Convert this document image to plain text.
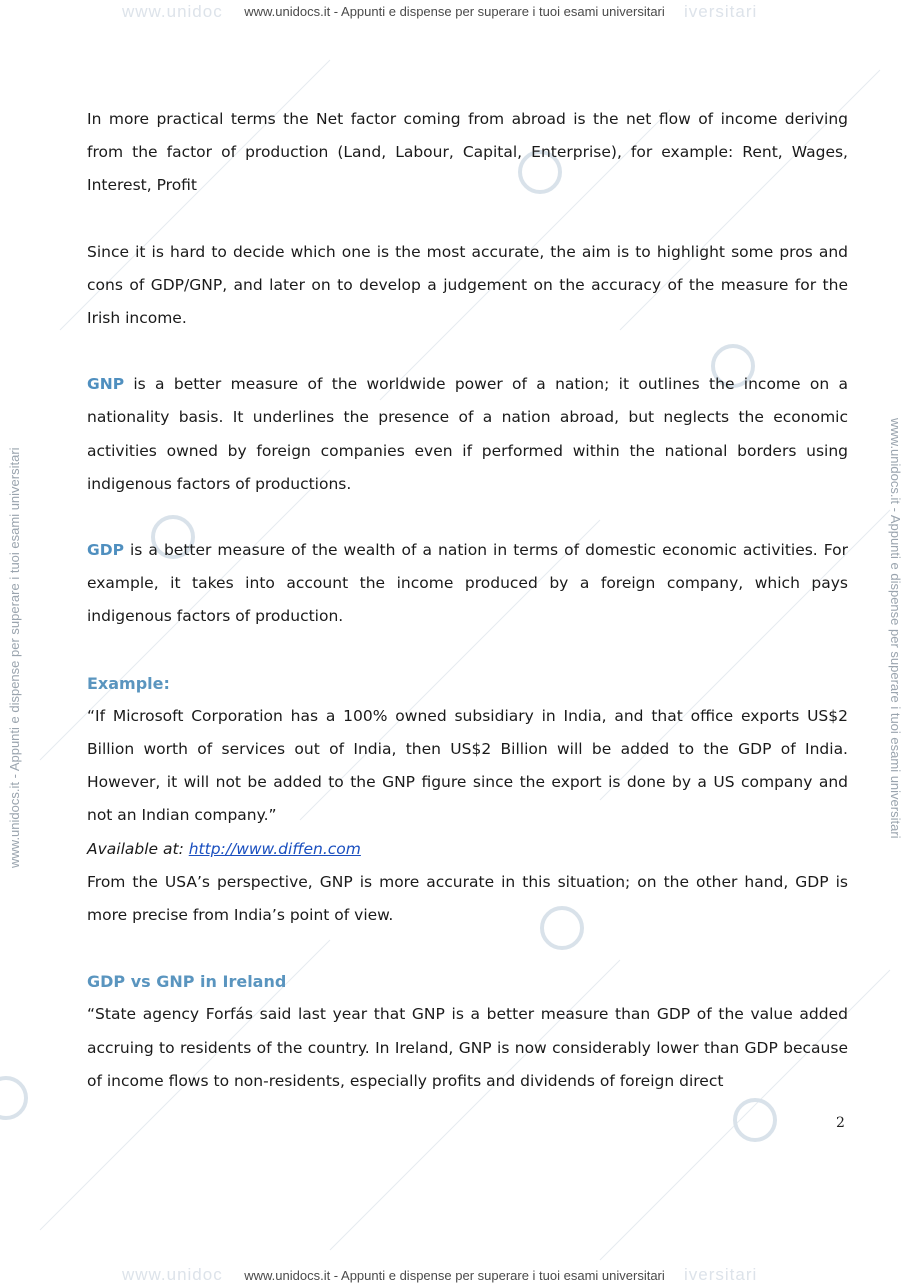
www.unidoc	iversitari
www.unidocs.it - Appunti e dispense per superare i tuoi esami universitari
www.unidocs.it - Appunti e dispense per superare i tuoi esami universitari	www.unidocs.it - Appunti e dispense per superare i tuoi esami universitari

In more practical terms the Net factor coming from abroad is the net flow of income deriving from the factor of production (Land, Labour, Capital, Enterprise), for example: Rent, Wages, Interest, Profit

Since it is hard to decide which one is the most accurate, the aim is to highlight some pros and cons of GDP/GNP, and later on to develop a judgement on the accuracy of the measure for the Irish income.

GNP is a better measure of the worldwide power of a nation; it outlines the income on a nationality basis. It underlines the presence of a nation abroad, but neglects the economic activities owned by foreign companies even if performed within the national borders using indigenous factors of productions.

GDP is a better measure of the wealth of a nation in terms of domestic economic activities. For example, it takes into account the income produced by a foreign company, which pays indigenous factors of production.

Example:

“If Microsoft Corporation has a 100% owned subsidiary in India, and that office exports US$2 Billion worth of services out of India, then US$2 Billion will be added to the GDP of India. However, it will not be added to the GNP figure since the export is done by a US company and not an Indian company.”

Available at: http://www.diffen.com

From the USA’s perspective, GNP is more accurate in this situation; on the other hand, GDP is more precise from India’s point of view.

GDP vs GNP in Ireland

“State agency Forfás said last year that GNP is a better measure than GDP of the value added accruing to residents of the country. In Ireland, GNP is now considerably lower than GDP because of income flows to non-residents, especially profits and dividends of foreign direct

2
www.unidoc	iversitari
www.unidocs.it - Appunti e dispense per superare i tuoi esami universitari
